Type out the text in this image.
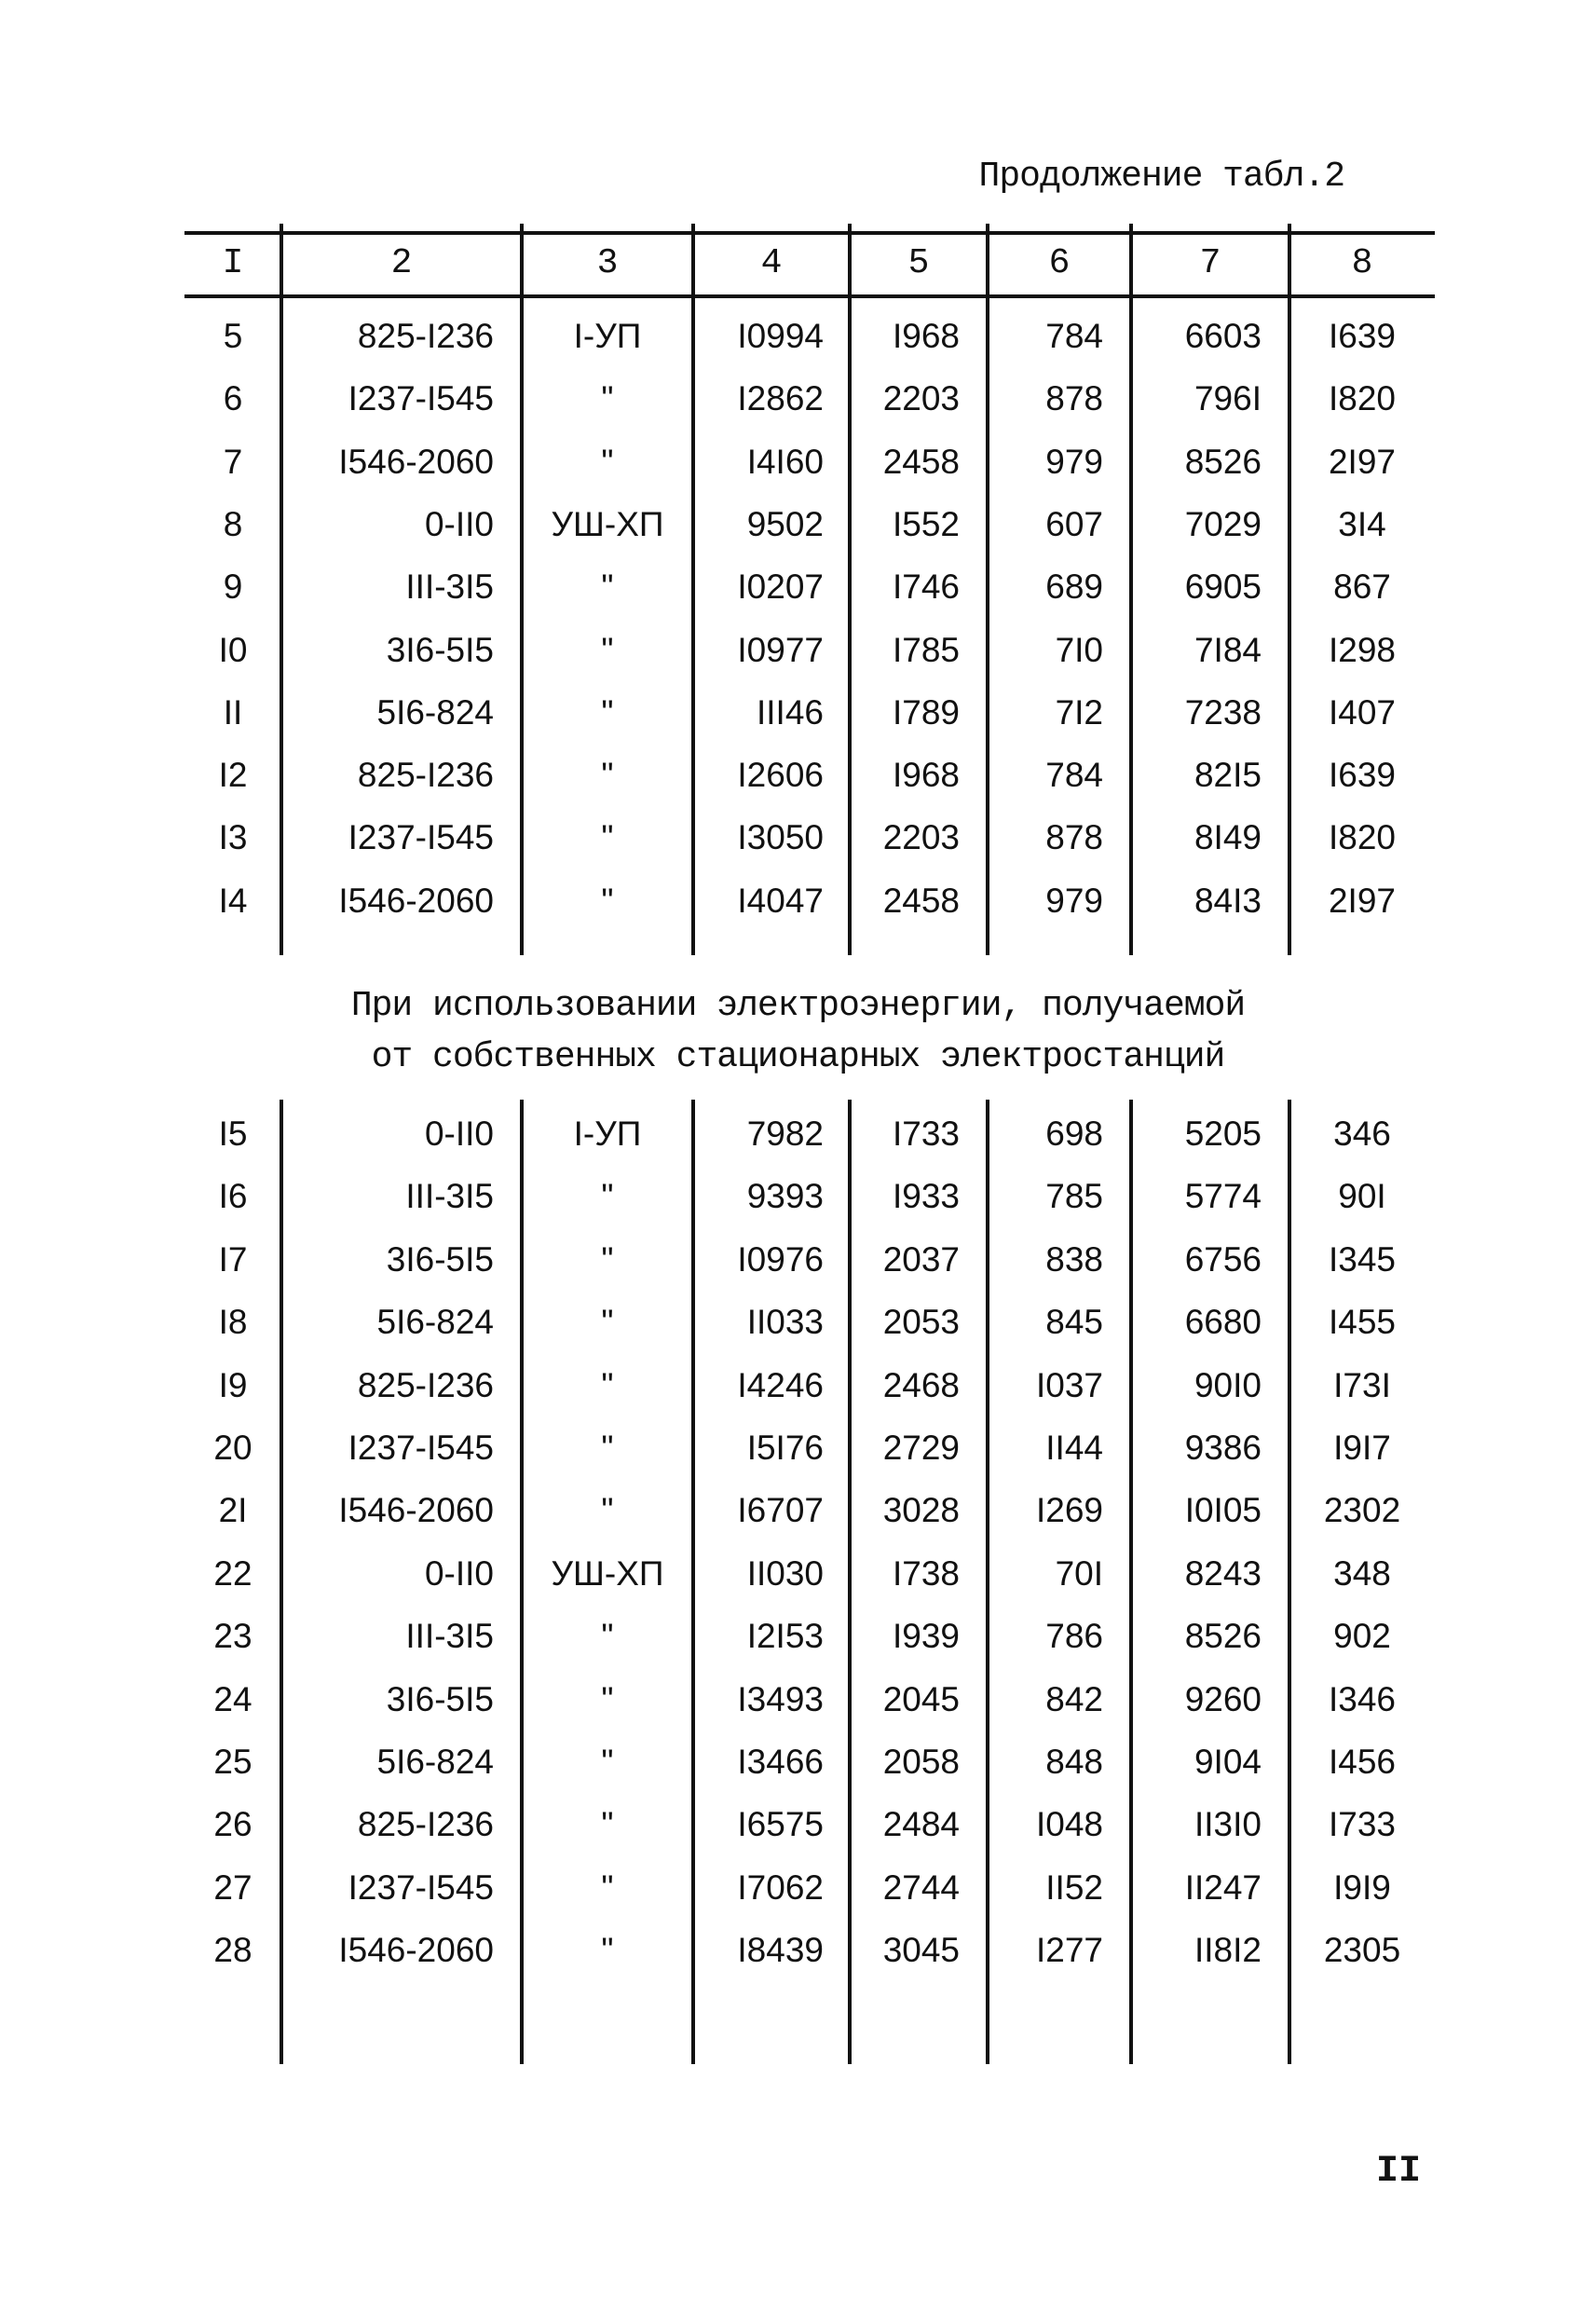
Продолжение табл.2
I	2	3	4	5	6	7	8
5	825-I236	I-УП	I0994	I968	784	6603	I639
6	I237-I545	"	I2862	2203	878	796I	I820
7	I546-2060	"	I4I60	2458	979	8526	2I97
8	0-II0	УШ-ХП	9502	I552	607	7029	3I4
9	III-3I5	"	I0207	I746	689	6905	867
I0	3I6-5I5	"	I0977	I785	7I0	7I84	I298
II	5I6-824	"	III46	I789	7I2	7238	I407
I2	825-I236	"	I2606	I968	784	82I5	I639
I3	I237-I545	"	I3050	2203	878	8I49	I820
I4	I546-2060	"	I4047	2458	979	84I3	2I97
При использовании электроэнергии, получаемой
от собственных стационарных электростанций
I5	0-II0	I-УП	7982	I733	698	5205	346
I6	III-3I5	"	9393	I933	785	5774	90I
I7	3I6-5I5	"	I0976	2037	838	6756	I345
I8	5I6-824	"	II033	2053	845	6680	I455
I9	825-I236	"	I4246	2468	I037	90I0	I73I
20	I237-I545	"	I5I76	2729	II44	9386	I9I7
2I	I546-2060	"	I6707	3028	I269	I0I05	2302
22	0-II0	УШ-ХП	II030	I738	70I	8243	348
23	III-3I5	"	I2I53	I939	786	8526	902
24	3I6-5I5	"	I3493	2045	842	9260	I346
25	5I6-824	"	I3466	2058	848	9I04	I456
26	825-I236	"	I6575	2484	I048	II3I0	I733
27	I237-I545	"	I7062	2744	II52	II247	I9I9
28	I546-2060	"	I8439	3045	I277	II8I2	2305
II
